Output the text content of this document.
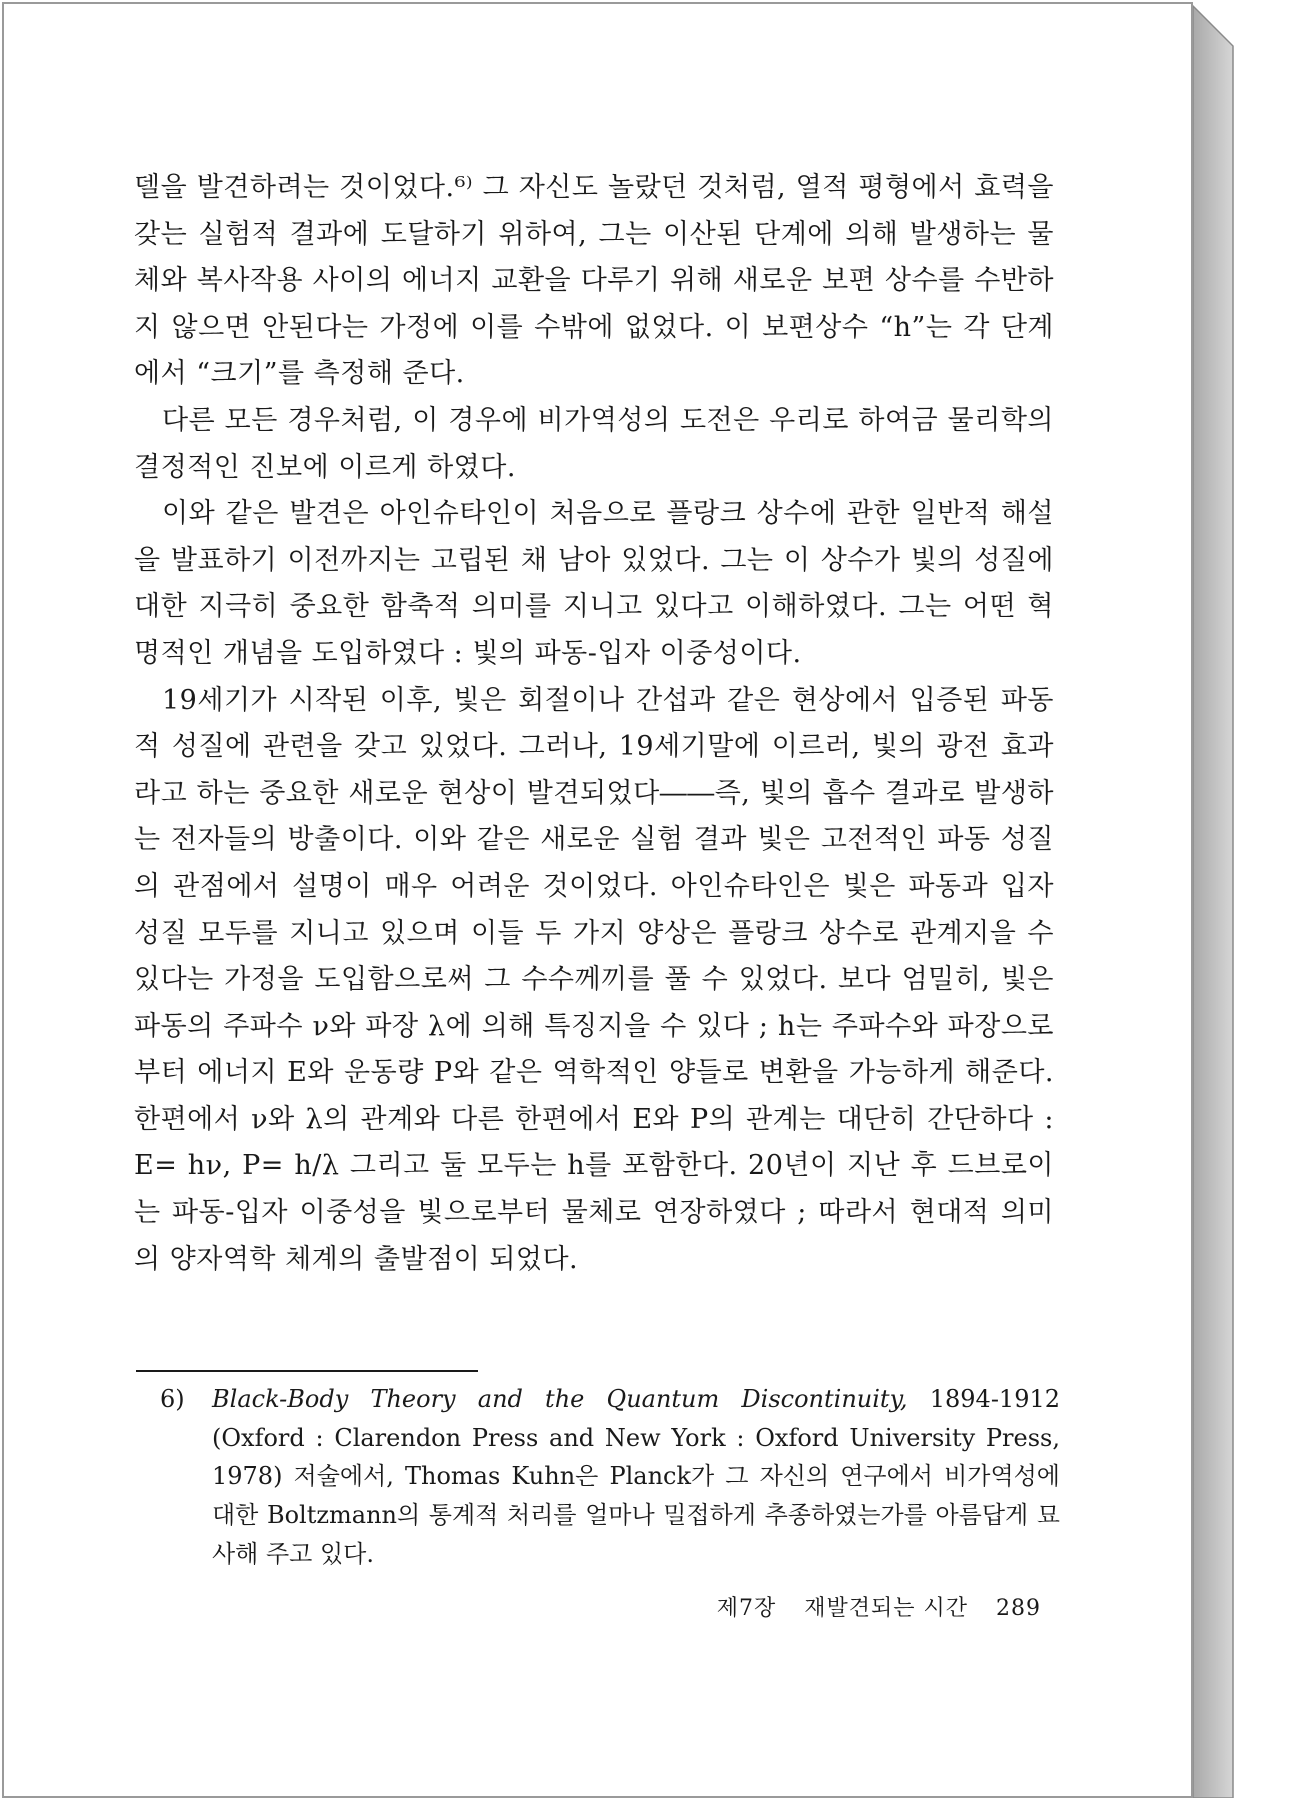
델을 발견하려는 것이었다.⁶⁾ 그 자신도 놀랐던 것처럼, 열적 평형에서 효력을 갖는 실험적 결과에 도달하기 위하여, 그는 이산된 단계에 의해 발생하는 물체와 복사작용 사이의 에너지 교환을 다루기 위해 새로운 보편 상수를 수반하지 않으면 안된다는 가정에 이를 수밖에 없었다. 이 보편상수 “h”는 각 단계에서 “크기”를 측정해 준다.

다른 모든 경우처럼, 이 경우에 비가역성의 도전은 우리로 하여금 물리학의 결정적인 진보에 이르게 하였다.

이와 같은 발견은 아인슈타인이 처음으로 플랑크 상수에 관한 일반적 해설을 발표하기 이전까지는 고립된 채 남아 있었다. 그는 이 상수가 빛의 성질에 대한 지극히 중요한 함축적 의미를 지니고 있다고 이해하였다. 그는 어떤 혁명적인 개념을 도입하였다 : 빛의 파동-입자 이중성이다.

19세기가 시작된 이후, 빛은 회절이나 간섭과 같은 현상에서 입증된 파동적 성질에 관련을 갖고 있었다. 그러나, 19세기말에 이르러, 빛의 광전 효과라고 하는 중요한 새로운 현상이 발견되었다――즉, 빛의 흡수 결과로 발생하는 전자들의 방출이다. 이와 같은 새로운 실험 결과 빛은 고전적인 파동 성질의 관점에서 설명이 매우 어려운 것이었다. 아인슈타인은 빛은 파동과 입자 성질 모두를 지니고 있으며 이들 두 가지 양상은 플랑크 상수로 관계지을 수 있다는 가정을 도입함으로써 그 수수께끼를 풀 수 있었다. 보다 엄밀히, 빛은 파동의 주파수 ν와 파장 λ에 의해 특징지을 수 있다 ; h는 주파수와 파장으로부터 에너지 E와 운동량 P와 같은 역학적인 양들로 변환을 가능하게 해준다. 한편에서 ν와 λ의 관계와 다른 한편에서 E와 P의 관계는 대단히 간단하다 : E= hν, P= h/λ 그리고 둘 모두는 h를 포함한다. 20년이 지난 후 드브로이는 파동-입자 이중성을 빛으로부터 물체로 연장하였다 ; 따라서 현대적 의미의 양자역학 체계의 출발점이 되었다.

6) Black-Body Theory and the Quantum Discontinuity, 1894-1912 (Oxford : Clarendon Press and New York : Oxford University Press, 1978) 저술에서, Thomas Kuhn은 Planck가 그 자신의 연구에서 비가역성에 대한 Boltzmann의 통계적 처리를 얼마나 밀접하게 추종하였는가를 아름답게 묘사해 주고 있다.
제7장 재발견되는 시간 289
